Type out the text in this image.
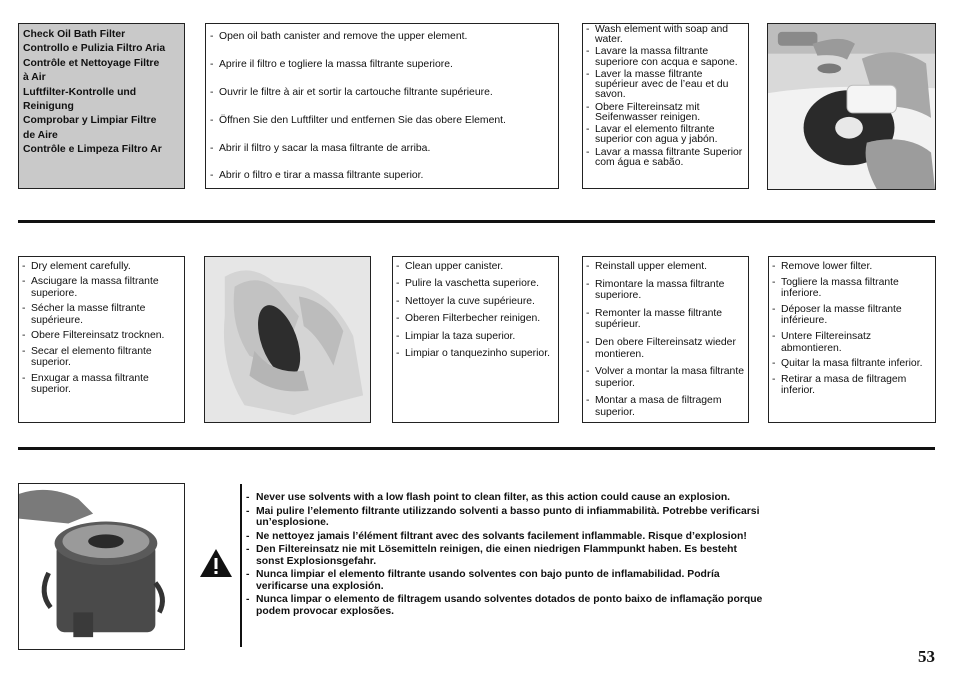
Check Oil Bath Filter
Controllo e Pulizia Filtro Aria
Contrôle et Nettoyage Filtre
à Air
Luftfilter-Kontrolle und
Reinigung
Comprobar y Limpiar Filtre
de Aire
Contrôle e Limpeza Filtro Ar
- Open oil bath canister and remove the upper element.
- Aprire il filtro e togliere la massa filtrante superiore.
- Ouvrir le filtre à air et sortir la cartouche filtrante supérieure.
- Öffnen Sie den Luftfilter und entfernen Sie das obere Element.
- Abrir il filtro y sacar la masa filtrante de arriba.
- Abrir o filtro e tirar a massa filtrante superior.
- Wash element with soap and water.
- Lavare la massa filtrante superiore con acqua e sapone.
- Laver la masse filtrante supérieur avec de l’eau et du savon.
- Obere Filtereinsatz mit Seifenwasser reinigen.
- Lavar el elemento filtrante superior con agua y jabón.
- Lavar a massa filtrante Superior com água e sabão.
- Dry element carefully.
- Asciugare la massa filtrante superiore.
- Sécher la masse filtrante supérieure.
- Obere Filtereinsatz trocknen.
- Secar el elemento filtrante superior.
- Enxugar a massa filtrante superior.
- Clean upper canister.
- Pulire la vaschetta superiore.
- Nettoyer la cuve supérieure.
- Oberen Filterbecher reinigen.
- Limpiar la taza superior.
- Limpiar o tanquezinho superior.
- Reinstall upper element.
- Rimontare la massa filtrante superiore.
- Remonter la masse filtrante supérieur.
- Den obere Filtereinsatz wieder montieren.
- Volver a montar la masa filtrante superior.
- Montar a masa de filtragem superior.
- Remove lower filter.
- Togliere la massa filtrante inferiore.
- Déposer la masse filtrante inférieure.
- Untere Filtereinsatz abmontieren.
- Quitar la masa filtrante inferior.
- Retirar a masa de filtragem inferior.
- Never use solvents with a low flash point to clean filter, as this action could cause an explosion.
- Mai pulire l’elemento filtrante utilizzando solventi a basso punto di infiammabilità. Potrebbe verificarsi un’esplosione.
- Ne nettoyez jamais l’élément filtrant avec des solvants facilement inflammable. Risque d’explosion!
- Den Filtereinsatz nie mit Lösemitteln reinigen, die einen niedrigen Flammpunkt haben. Es besteht sonst Explosionsgefahr.
- Nunca limpiar el elemento filtrante usando solventes con bajo punto de inflamabilidad. Podría verificarse una explosión.
- Nunca limpar o elemento de filtragem usando solventes dotados de ponto baixo de inflamação porque podem provocar explosões.
53
